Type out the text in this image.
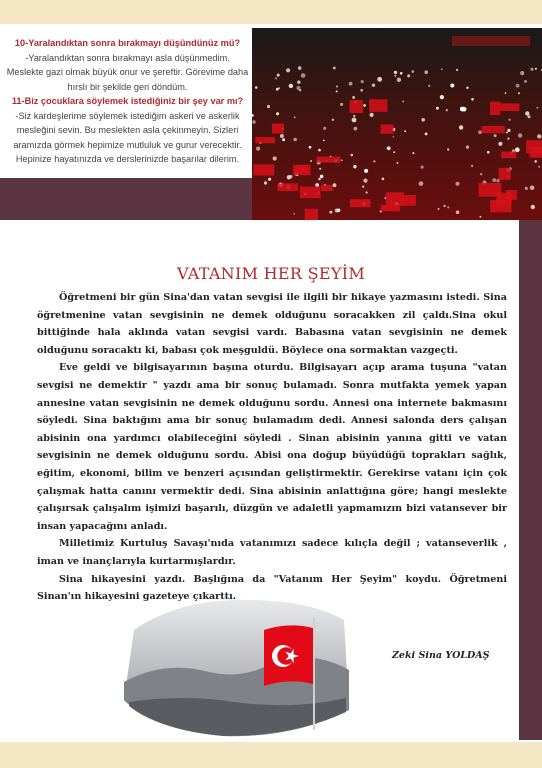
10-Yaralandıktan sonra bırakmayı düşündünüz mü?
-Yaralandıktan sonra bırakmayı asla düşünmedim. Meslekte gazi olmak büyük onur ve şereftir. Görevime daha hırslı bir şekilde geri döndüm.
11-Biz çocuklara söylemek istediğiniz bir şey var mı?
-Siz kardeşlerime söylemek istediğim askeri ve askerlik mesleğini sevin. Bu meslekten asla çekinmeyin. Sizleri aramızda görmek hepimize mutluluk ve gurur verecektir. Hepinize hayatınızda ve derslerinizde başarılar dilerim.
VATANIM HER ŞEYİM

Öğretmeni bir gün Sina'dan vatan sevgisi ile ilgili bir hikaye yazmasını istedi. Sina öğretmenine vatan sevgisinin ne demek olduğunu soracakken zil çaldı.Sina okul bittiğinde hala aklında vatan sevgisi vardı. Babasına vatan sevgisinin ne demek olduğunu soracaktı ki, babası çok meşguldü. Böylece ona sormaktan vazgeçti.

Eve geldi ve bilgisayarının başına oturdu. Bilgisayarı açıp arama tuşuna "vatan sevgisi ne demektir " yazdı ama bir sonuç bulamadı. Sonra mutfakta yemek yapan annesine vatan sevgisinin ne demek olduğunu sordu. Annesi ona internete bakmasını söyledi. Sina baktığını ama bir sonuç bulamadım dedi. Annesi salonda ders çalışan abisinin ona yardımcı olabileceğini söyledi . Sinan abisinin yanına gitti ve vatan sevgisinin ne demek olduğunu sordu. Abisi ona doğup büyüdüğü toprakları sağlık, eğitim, ekonomi, bilim ve benzeri açısından geliştirmektir. Gerekirse vatanı için çok çalışmak hatta canını vermektir dedi. Sina abisinin anlattığına göre; hangi meslekte çalışırsak çalışalım işimizi başarılı, düzgün ve adaletli yapmamızın bizi vatansever bir insan yapacağını anladı.

Milletimiz Kurtuluş Savaşı'nıda vatanımızı sadece kılıçla değil ; vatanseverlik , iman ve inançlarıyla kurtarmışlardır.

Sina hikayesini yazdı. Başlığına da "Vatanım Her Şeyim" koydu. Öğretmeni Sinan'ın hikayesini gazeteye çıkarttı.

Zeki Sina YOLDAŞ
